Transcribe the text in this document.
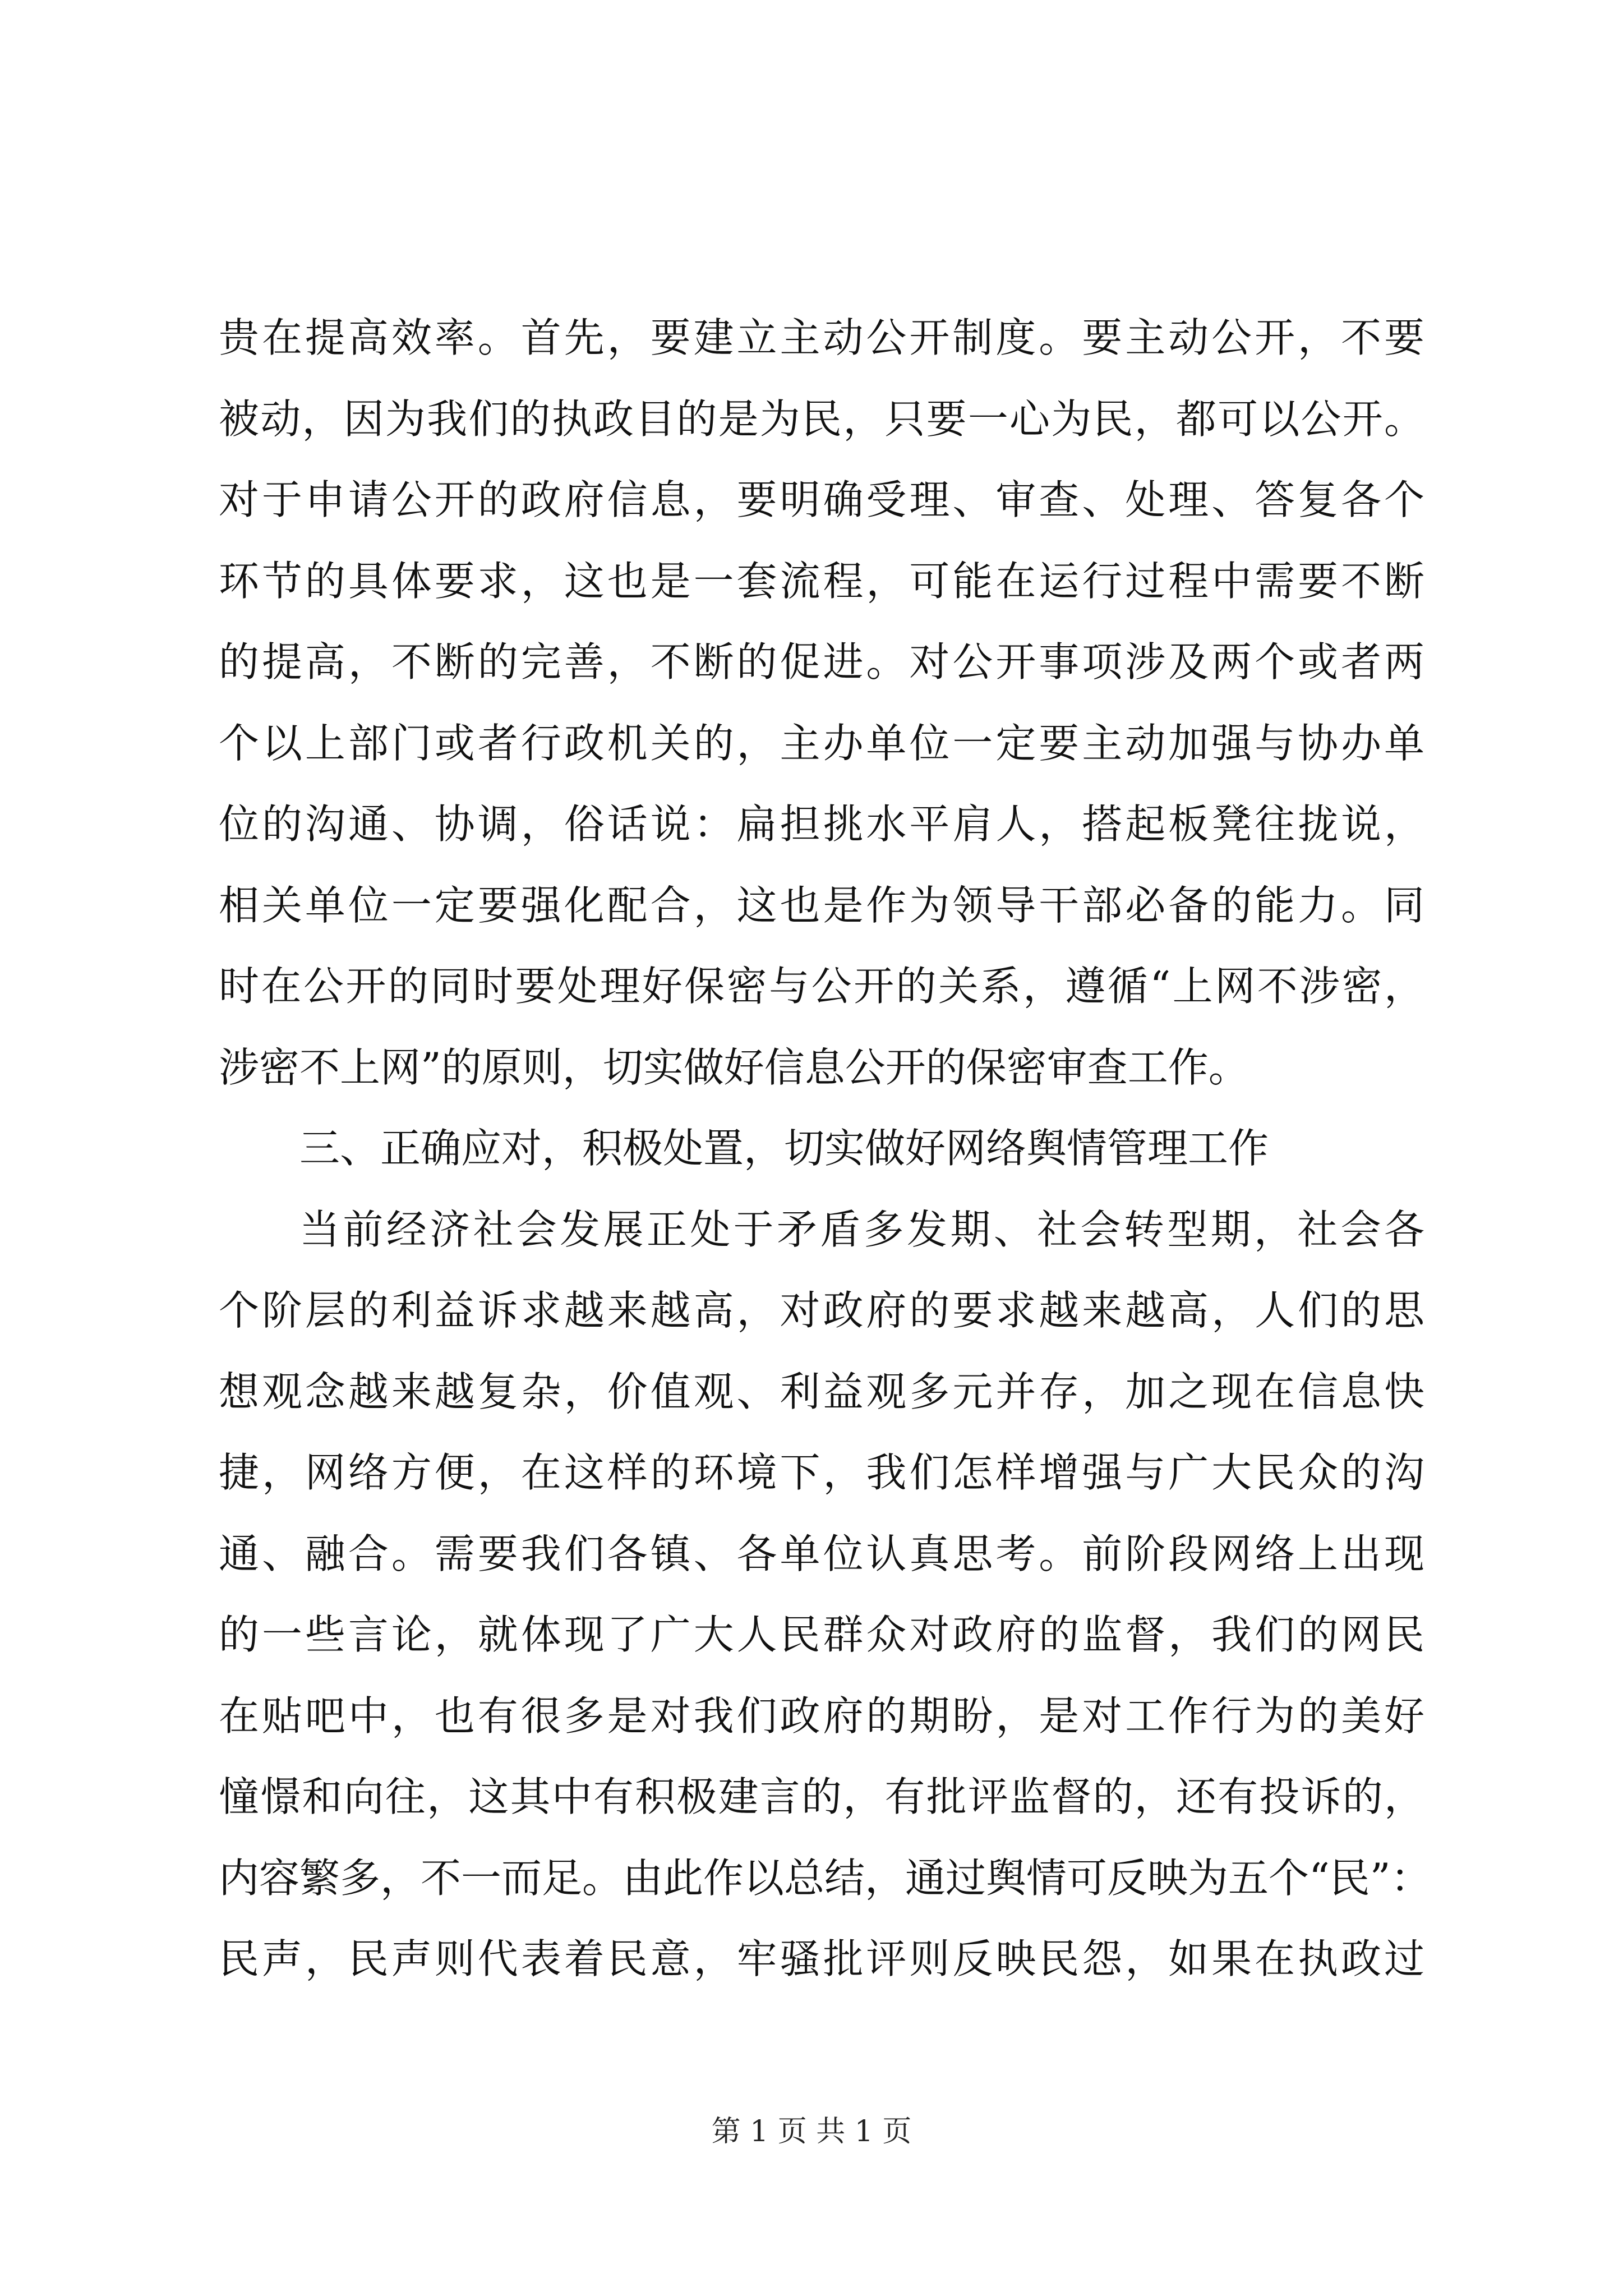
贵在提高效率。首先，要建立主动公开制度。要主动公开，不要
被动，因为我们的执政目的是为民，只要一心为民，都可以公开。
对于申请公开的政府信息，要明确受理、审查、处理、答复各个
环节的具体要求，这也是一套流程，可能在运行过程中需要不断
的提高，不断的完善，不断的促进。对公开事项涉及两个或者两
个以上部门或者行政机关的，主办单位一定要主动加强与协办单
位的沟通、协调，俗话说：扁担挑水平肩人，搭起板凳往拢说，
相关单位一定要强化配合，这也是作为领导干部必备的能力。同
时在公开的同时要处理好保密与公开的关系，遵循“上网不涉密，
涉密不上网”的原则，切实做好信息公开的保密审查工作。
三、正确应对，积极处置，切实做好网络舆情管理工作
当前经济社会发展正处于矛盾多发期、社会转型期，社会各
个阶层的利益诉求越来越高，对政府的要求越来越高，人们的思
想观念越来越复杂，价值观、利益观多元并存，加之现在信息快
捷，网络方便，在这样的环境下，我们怎样增强与广大民众的沟
通、融合。需要我们各镇、各单位认真思考。前阶段网络上出现
的一些言论，就体现了广大人民群众对政府的监督，我们的网民
在贴吧中，也有很多是对我们政府的期盼，是对工作行为的美好
憧憬和向往，这其中有积极建言的，有批评监督的，还有投诉的，
内容繁多，不一而足。由此作以总结，通过舆情可反映为五个“民”：
民声，民声则代表着民意，牢骚批评则反映民怨，如果在执政过
第 1 页 共 1 页
